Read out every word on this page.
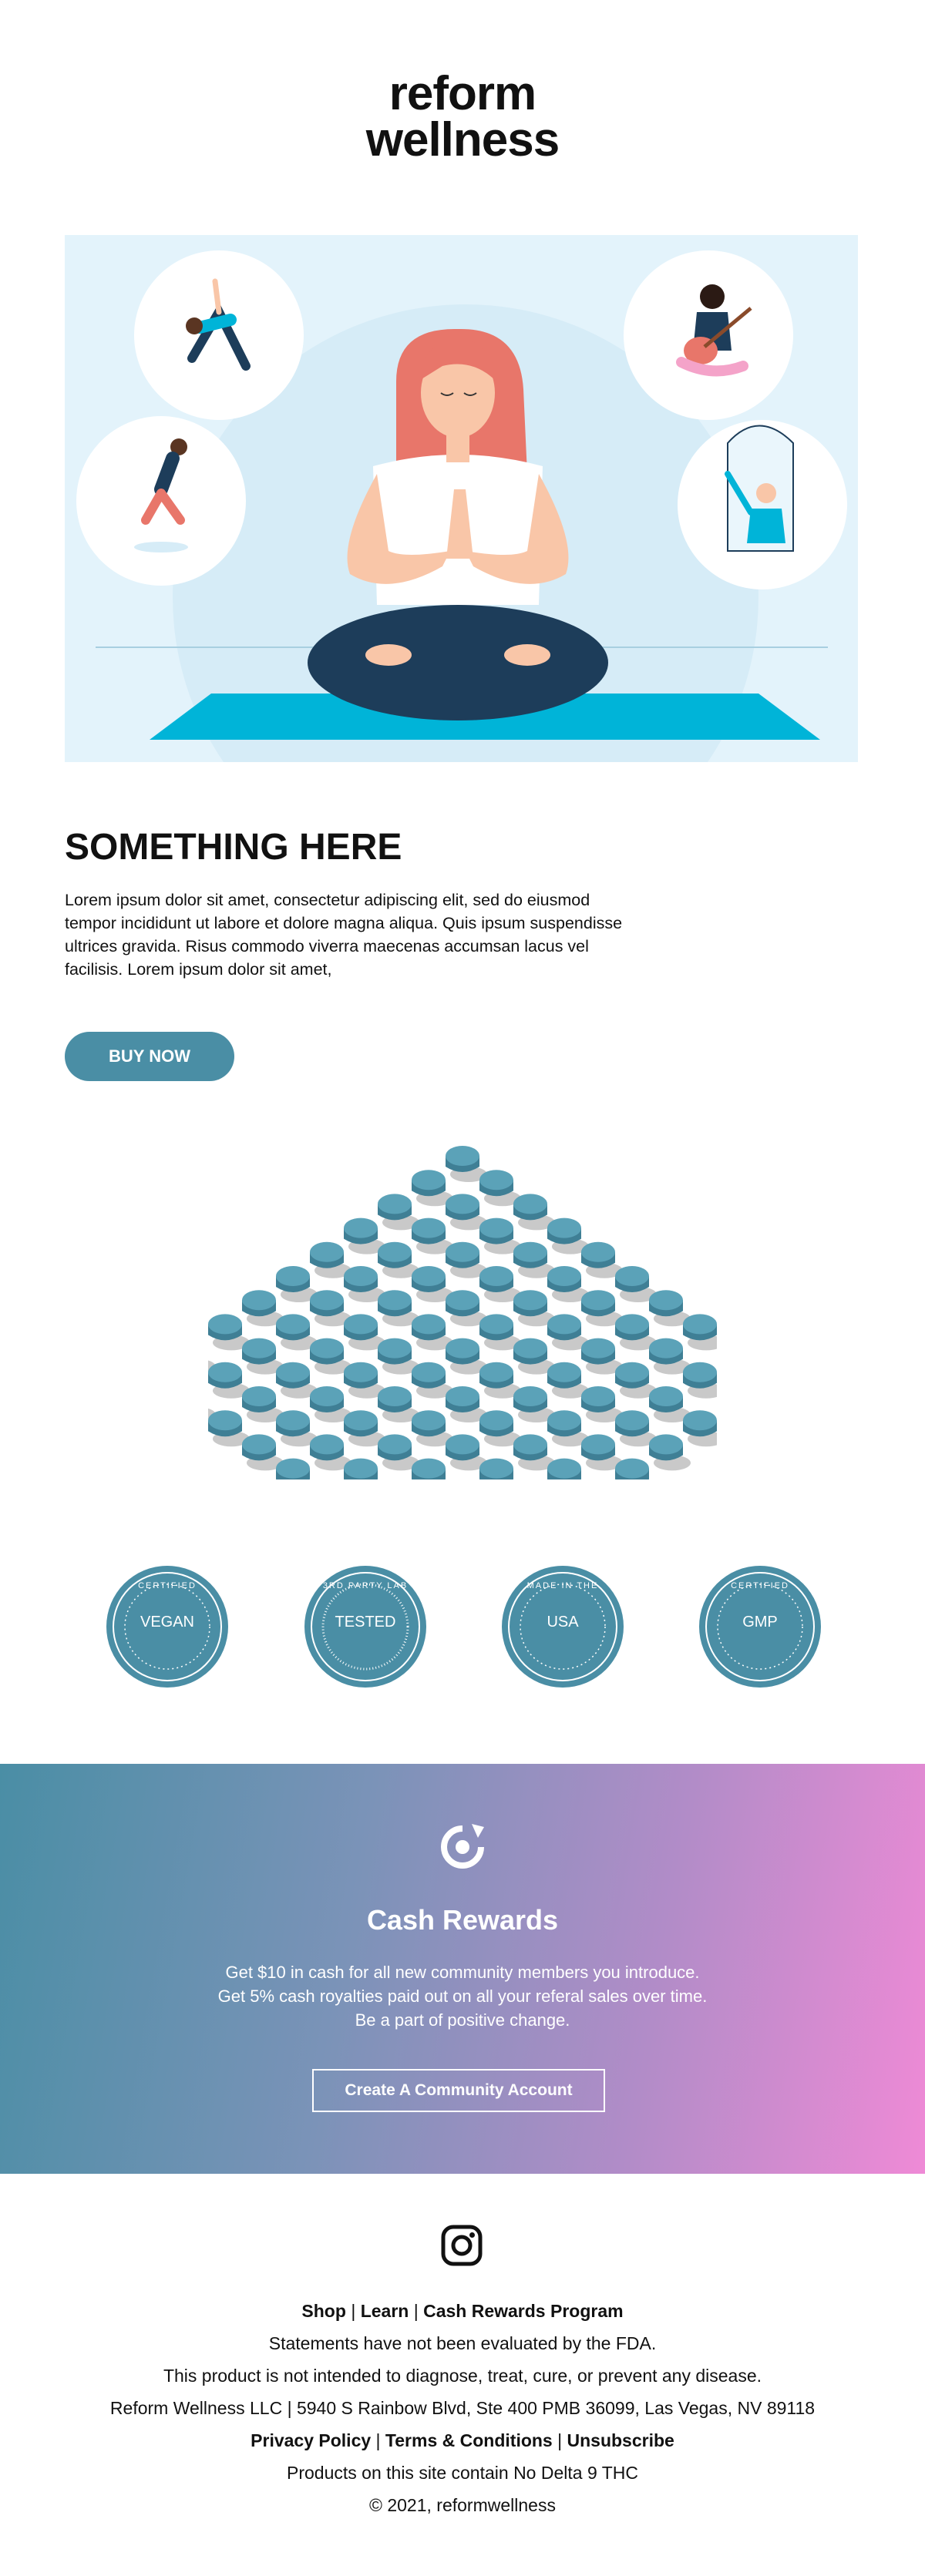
reform
wellness
SOMETHING HERE

Lorem ipsum dolor sit amet, consectetur adipiscing elit, sed do eiusmod tempor incididunt ut labore et dolore magna aliqua. Quis ipsum suspendisse ultrices gravida. Risus commodo viverra maecenas accumsan lacus vel facilisis. Lorem ipsum dolor sit amet,

BUY NOW
CERTIFIED
VEGAN
3RD PARTY LAB
TESTED
MADE IN THE
USA
CERTIFIED
GMP
Cash Rewards
Get $10 in cash for all new community members you introduce.
Get 5% cash royalties paid out on all your referal sales over time.
Be a part of positive change.
Create A Community Account
Shop | Learn | Cash Rewards Program
Statements have not been evaluated by the FDA.
This product is not intended to diagnose, treat, cure, or prevent any disease.
Reform Wellness LLC | 5940 S Rainbow Blvd, Ste 400 PMB 36099, Las Vegas, NV 89118
Privacy Policy | Terms & Conditions | Unsubscribe
Products on this site contain No Delta 9 THC
© 2021, reformwellness
